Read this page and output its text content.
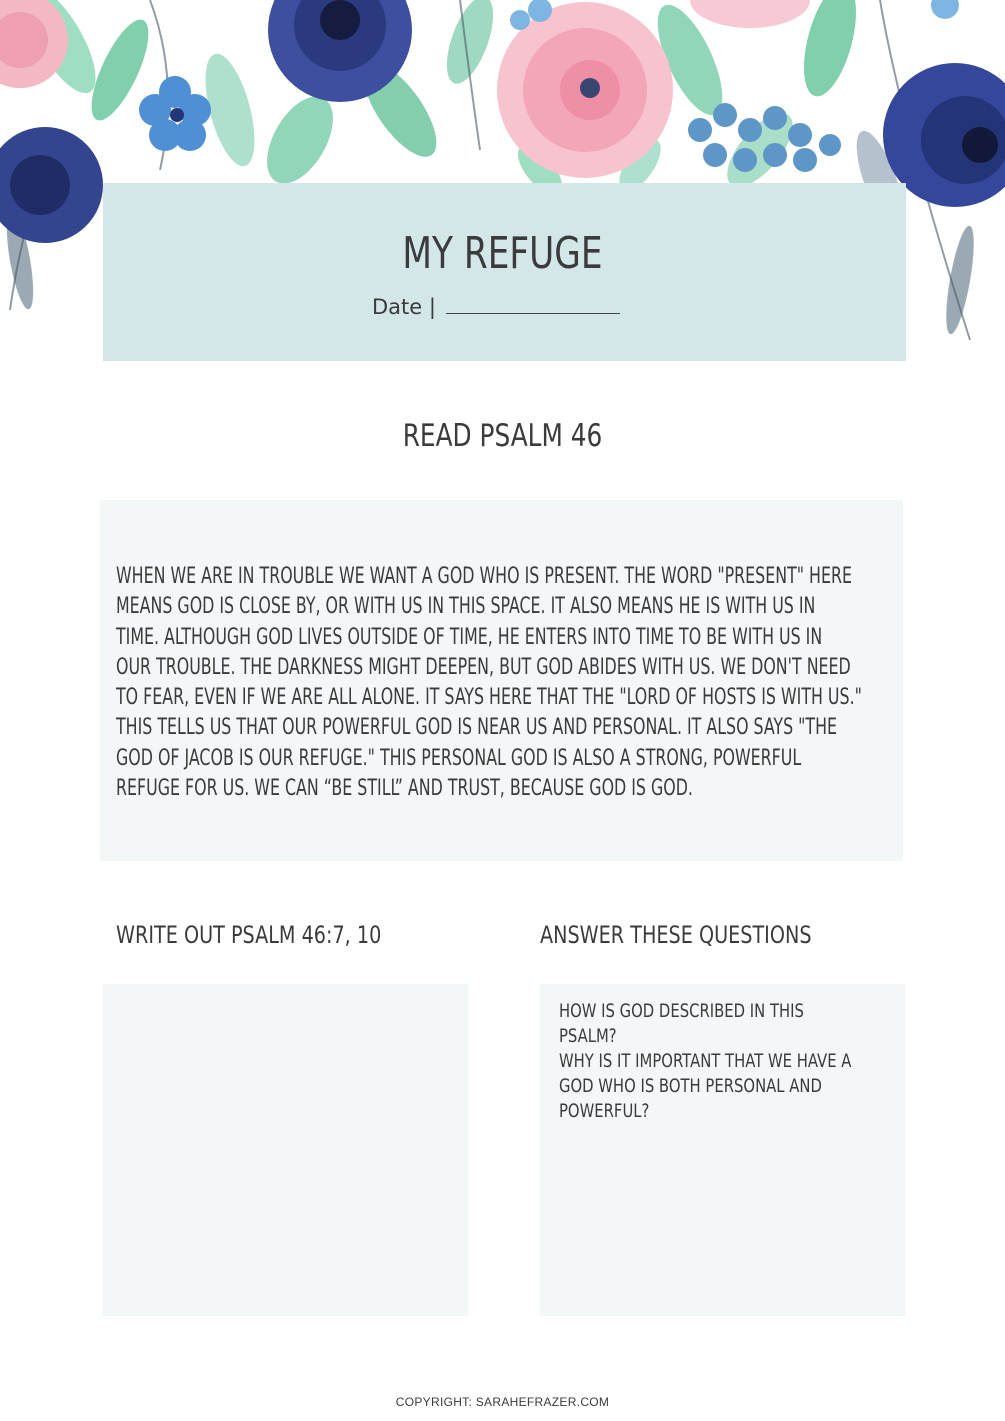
MY REFUGE
Date |
READ PSALM 46
WHEN WE ARE IN TROUBLE WE WANT A GOD WHO IS PRESENT. THE WORD "PRESENT" HERE
MEANS GOD IS CLOSE BY, OR WITH US IN THIS SPACE. IT ALSO MEANS HE IS WITH US IN
TIME. ALTHOUGH GOD LIVES OUTSIDE OF TIME, HE ENTERS INTO TIME TO BE WITH US IN
OUR TROUBLE. THE DARKNESS MIGHT DEEPEN, BUT GOD ABIDES WITH US. WE DON'T NEED
TO FEAR, EVEN IF WE ARE ALL ALONE. IT SAYS HERE THAT THE "LORD OF HOSTS IS WITH US."
THIS TELLS US THAT OUR POWERFUL GOD IS NEAR US AND PERSONAL. IT ALSO SAYS "THE
GOD OF JACOB IS OUR REFUGE." THIS PERSONAL GOD IS ALSO A STRONG, POWERFUL
REFUGE FOR US. WE CAN “BE STILL” AND TRUST, BECAUSE GOD IS GOD.
WRITE OUT PSALM 46:7, 10	ANSWER THESE QUESTIONS
HOW IS GOD DESCRIBED IN THIS PSALM?
WHY IS IT IMPORTANT THAT WE HAVE A
GOD WHO IS BOTH PERSONAL AND
POWERFUL?
COPYRIGHT: SARAHEFRAZER.COM
